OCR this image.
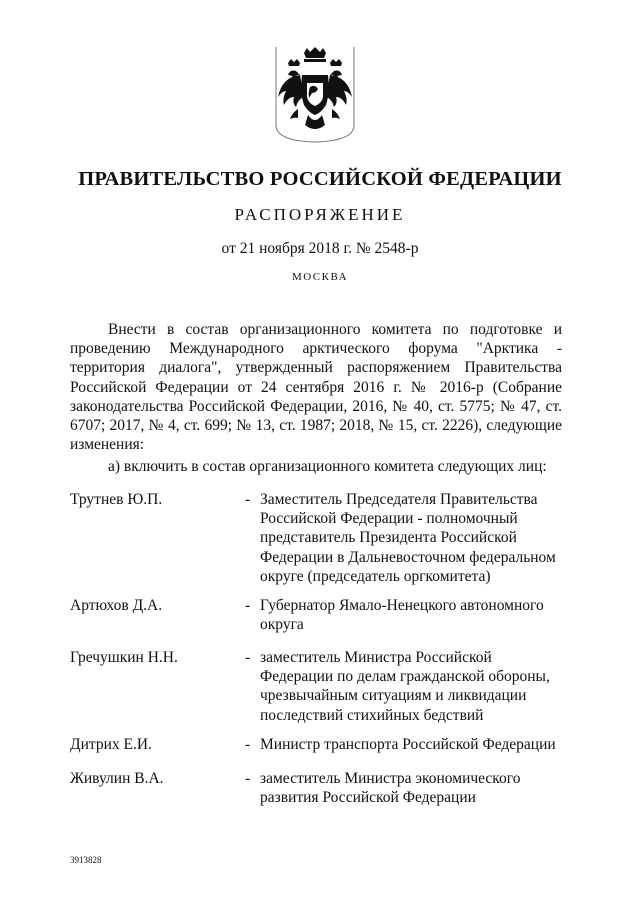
ПРАВИТЕЛЬСТВО РОССИЙСКОЙ ФЕДЕРАЦИИ
РАСПОРЯЖЕНИЕ
от 21 ноября 2018 г. № 2548-р
МОСКВА
Внести в состав организационного комитета по подготовке и проведению Международного арктического форума "Арктика - территория диалога", утвержденный распоряжением Правительства Российской Федерации от 24 сентября 2016 г. № 2016-р (Собрание законодательства Российской Федерации, 2016, № 40, ст. 5775; № 47, ст. 6707; 2017, № 4, ст. 699; № 13, ст. 1987; 2018, № 15, ст. 2226), следующие изменения:
а) включить в состав организационного комитета следующих лиц:
Трутнев Ю.П.	- Заместитель Председателя Правительства Российской Федерации - полномочный представитель Президента Российской Федерации в Дальневосточном федеральном округе (председатель оргкомитета)
Артюхов Д.А.	- Губернатор Ямало-Ненецкого автономного округа
Гречушкин Н.Н.	- заместитель Министра Российской Федерации по делам гражданской обороны, чрезвычайным ситуациям и ликвидации последствий стихийных бедствий
Дитрих Е.И.	- Министр транспорта Российской Федерации
Живулин В.А.	- заместитель Министра экономического развития Российской Федерации
3913828
